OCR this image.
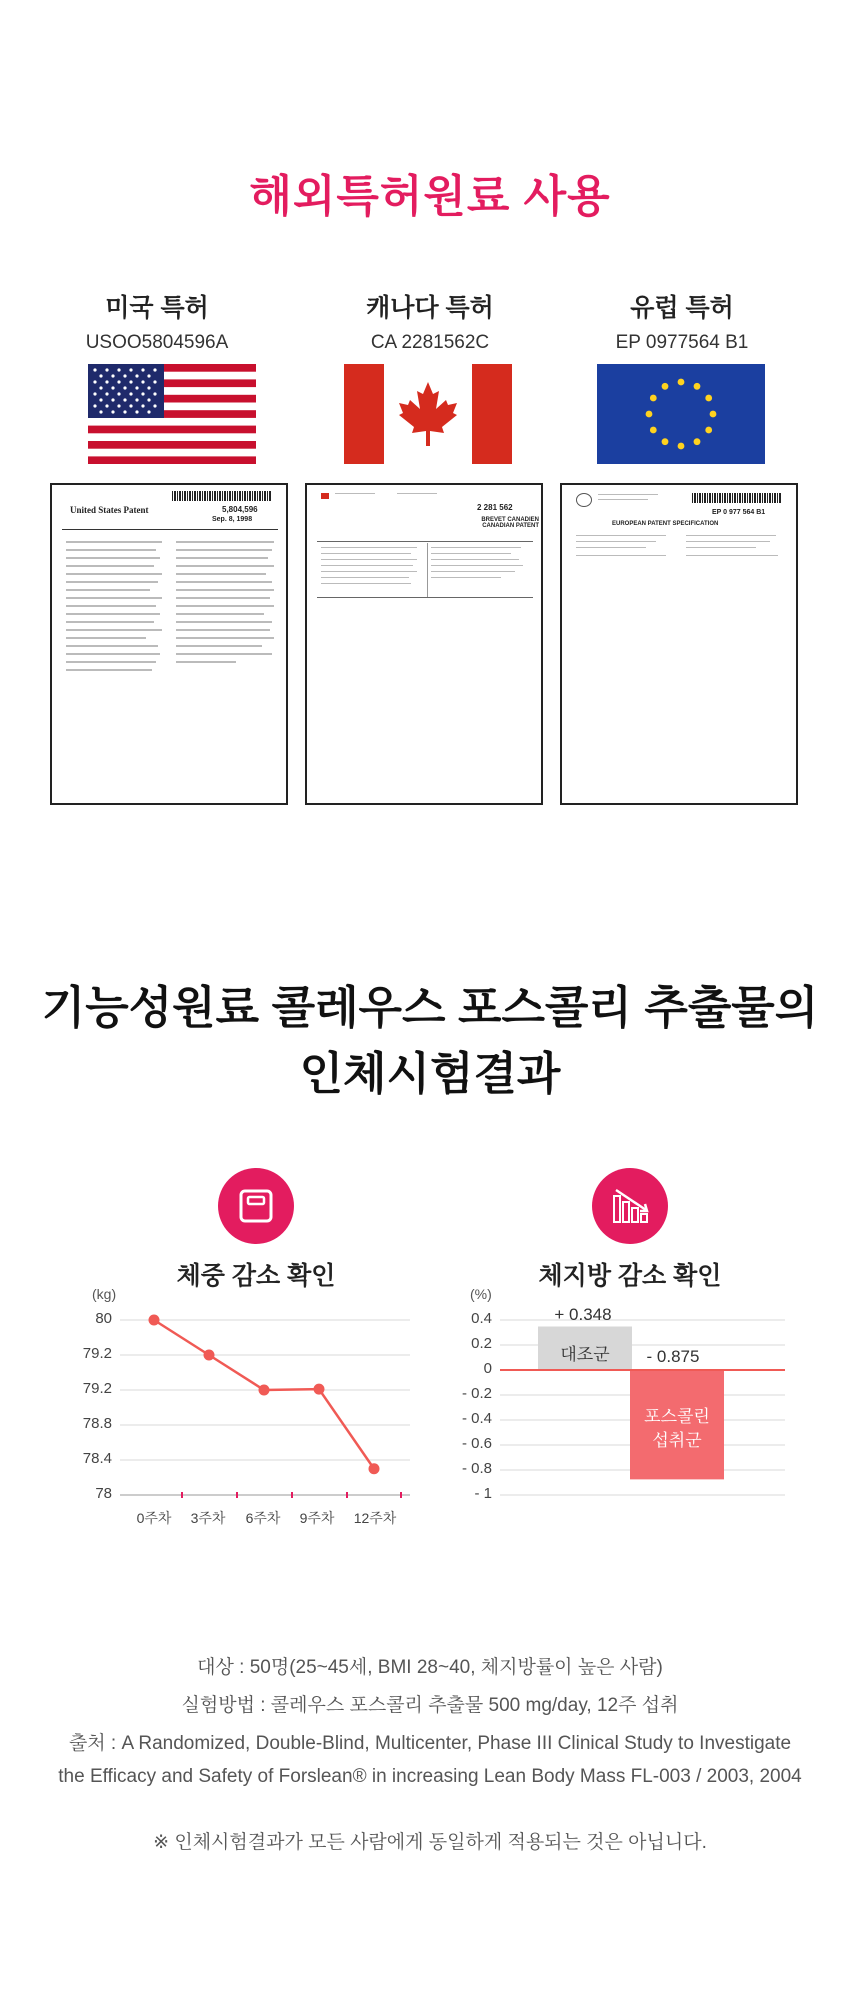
해외특허원료 사용
미국 특허
USOO5804596A
캐나다 특허
CA 2281562C
유럽 특허
EP 0977564 B1
United States Patent	5,804,596
Sep. 8, 1998
2 281 562
BREVET CANADIEN CANADIAN PATENT
EP 0 977 564 B1
EUROPEAN PATENT SPECIFICATION
기능성원료 콜레우스 포스콜리 추출물의
인체시험결과
체중 감소 확인	체지방 감소 확인
(kg)
80
79.2
79.2
78.8
78.4
78
0주차	3주차	6주차	9주차	12주차
(%)
0.4
0.2
0
- 0.2
- 0.4
- 0.6
- 0.8
- 1
+ 0.348
- 0.875
대조군
포스콜린
섭취군
대상 : 50명(25~45세, BMI 28~40, 체지방률이 높은 사람)
실험방법 : 콜레우스 포스콜리 추출물 500 mg/day, 12주 섭취
출처 : A Randomized, Double-Blind, Multicenter, Phase III Clinical Study to Investigate
the Efficacy and Safety of Forslean® in increasing Lean Body Mass FL-003 / 2003, 2004
※ 인체시험결과가 모든 사람에게 동일하게 적용되는 것은 아닙니다.
